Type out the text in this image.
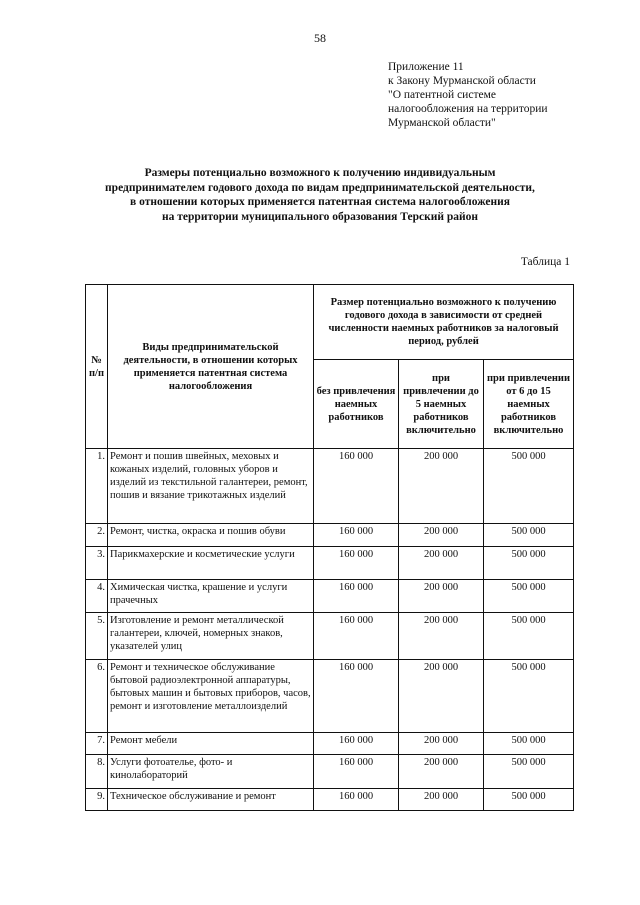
58
Приложение 11
к Закону Мурманской области
"О патентной системе
налогообложения на территории
Мурманской области"
Размеры потенциально возможного к получению индивидуальным
предпринимателем годового дохода по видам предпринимательской деятельности,
в отношении которых применяется патентная система налогообложения
на территории муниципального образования Терский район
Таблица 1
№ п/п	Виды предпринимательской деятельности, в отношении которых применяется патентная система налогообложения	Размер потенциально возможного к получению годового дохода в зависимости от средней численности наемных работников за налоговый период, рублей		
		без привлечения наемных работников	при привлечении до 5 наемных работников включительно	при привлечении от 6 до 15 наемных работников включительно
1.	Ремонт и пошив швейных, меховых и кожаных изделий, головных уборов и изделий из текстильной галантереи, ремонт, пошив и вязание трикотажных изделий	160 000	200 000	500 000
2.	Ремонт, чистка, окраска и пошив обуви	160 000	200 000	500 000
3.	Парикмахерские и косметические услуги	160 000	200 000	500 000
4.	Химическая чистка, крашение и услуги прачечных	160 000	200 000	500 000
5.	Изготовление и ремонт металлической галантереи, ключей, номерных знаков, указателей улиц	160 000	200 000	500 000
6.	Ремонт и техническое обслуживание бытовой радиоэлектронной аппаратуры, бытовых машин и бытовых приборов, часов, ремонт и изготовление металлоизделий	160 000	200 000	500 000
7.	Ремонт мебели	160 000	200 000	500 000
8.	Услуги фотоателье, фото- и кинолабораторий	160 000	200 000	500 000
9.	Техническое обслуживание и ремонт	160 000	200 000	500 000
